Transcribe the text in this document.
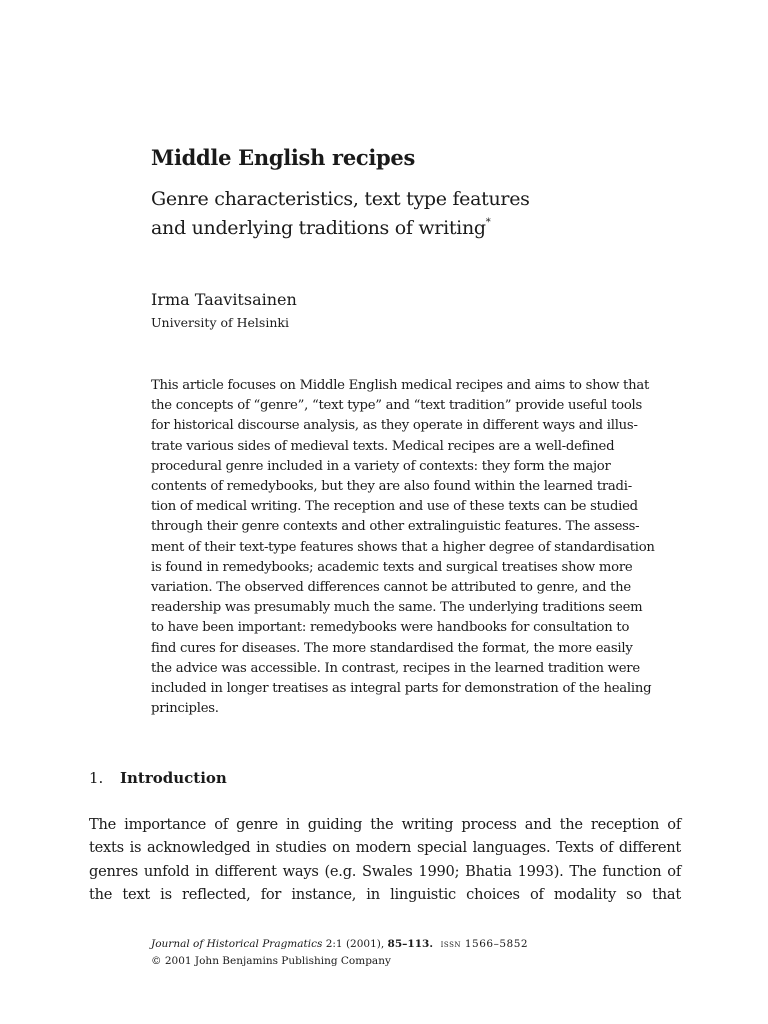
Middle English recipes
Genre characteristics, text type features
and underlying traditions of writing*
Irma Taavitsainen
University of Helsinki
This article focuses on Middle English medical recipes and aims to show that
the concepts of “genre”, “text type” and “text tradition” provide useful tools
for historical discourse analysis, as they operate in different ways and illus-
trate various sides of medieval texts. Medical recipes are a well-defined
procedural genre included in a variety of contexts: they form the major
contents of remedybooks, but they are also found within the learned tradi-
tion of medical writing. The reception and use of these texts can be studied
through their genre contexts and other extralinguistic features. The assess-
ment of their text-type features shows that a higher degree of standardisation
is found in remedybooks; academic texts and surgical treatises show more
variation. The observed differences cannot be attributed to genre, and the
readership was presumably much the same. The underlying traditions seem
to have been important: remedybooks were handbooks for consultation to
find cures for diseases. The more standardised the format, the more easily
the advice was accessible. In contrast, recipes in the learned tradition were
included in longer treatises as integral parts for demonstration of the healing
principles.
1. Introduction
The importance of genre in guiding the writing process and the reception of
texts is acknowledged in studies on modern special languages. Texts of different
genres unfold in different ways (e.g. Swales 1990; Bhatia 1993). The function of
the text is reflected, for instance, in linguistic choices of modality so that
Journal of Historical Pragmatics 2:1 (2001), 85–113.  issn 1566–5852
© 2001 John Benjamins Publishing Company
